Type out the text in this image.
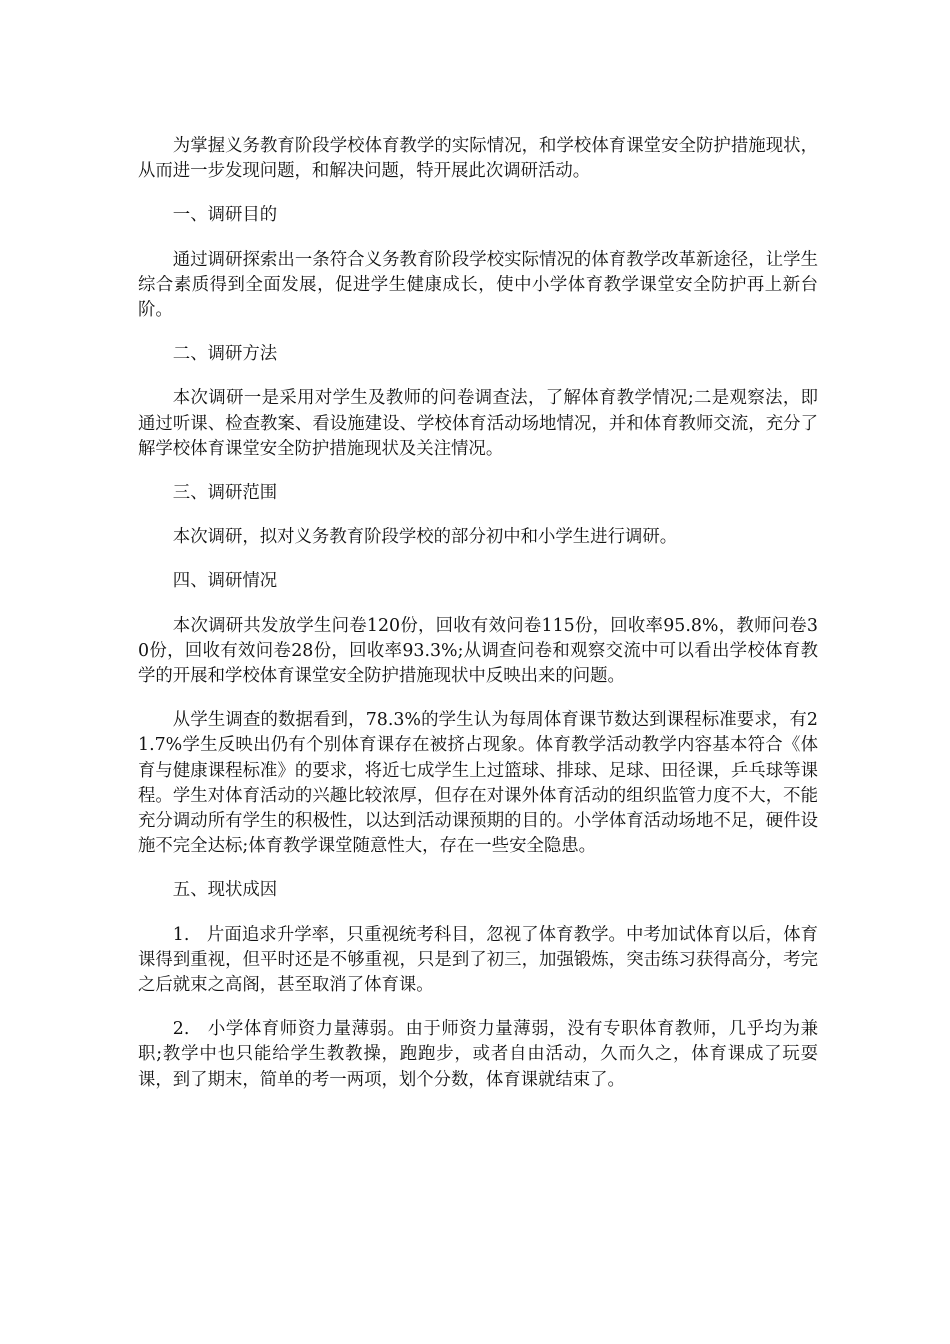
为掌握义务教育阶段学校体育教学的实际情况，和学校体育课堂安全防护措施现状，从而进一步发现问题，和解决问题，特开展此次调研活动。

一、调研目的

通过调研探索出一条符合义务教育阶段学校实际情况的体育教学改革新途径，让学生综合素质得到全面发展，促进学生健康成长，使中小学体育教学课堂安全防护再上新台阶。

二、调研方法

本次调研一是采用对学生及教师的问卷调查法，了解体育教学情况;二是观察法，即通过听课、检查教案、看设施建设、学校体育活动场地情况，并和体育教师交流，充分了解学校体育课堂安全防护措施现状及关注情况。

三、调研范围

本次调研，拟对义务教育阶段学校的部分初中和小学生进行调研。

四、调研情况

本次调研共发放学生问卷120份，回收有效问卷115份，回收率95.8%，教师问卷30份，回收有效问卷28份，回收率93.3%;从调查问卷和观察交流中可以看出学校体育教学的开展和学校体育课堂安全防护措施现状中反映出来的问题。

从学生调查的数据看到，78.3%的学生认为每周体育课节数达到课程标准要求，有21.7%学生反映出仍有个别体育课存在被挤占现象。体育教学活动教学内容基本符合《体育与健康课程标准》的要求，将近七成学生上过篮球、排球、足球、田径课，乒乓球等课程。学生对体育活动的兴趣比较浓厚，但存在对课外体育活动的组织监管力度不大，不能充分调动所有学生的积极性，以达到活动课预期的目的。小学体育活动场地不足，硬件设施不完全达标;体育教学课堂随意性大，存在一些安全隐患。

五、现状成因

1.　片面追求升学率，只重视统考科目，忽视了体育教学。中考加试体育以后，体育课得到重视，但平时还是不够重视，只是到了初三，加强锻炼，突击练习获得高分，考完之后就束之高阁，甚至取消了体育课。

2.　小学体育师资力量薄弱。由于师资力量薄弱，没有专职体育教师，几乎均为兼职;教学中也只能给学生教教操，跑跑步，或者自由活动，久而久之，体育课成了玩耍课，到了期末，简单的考一两项，划个分数，体育课就结束了。
